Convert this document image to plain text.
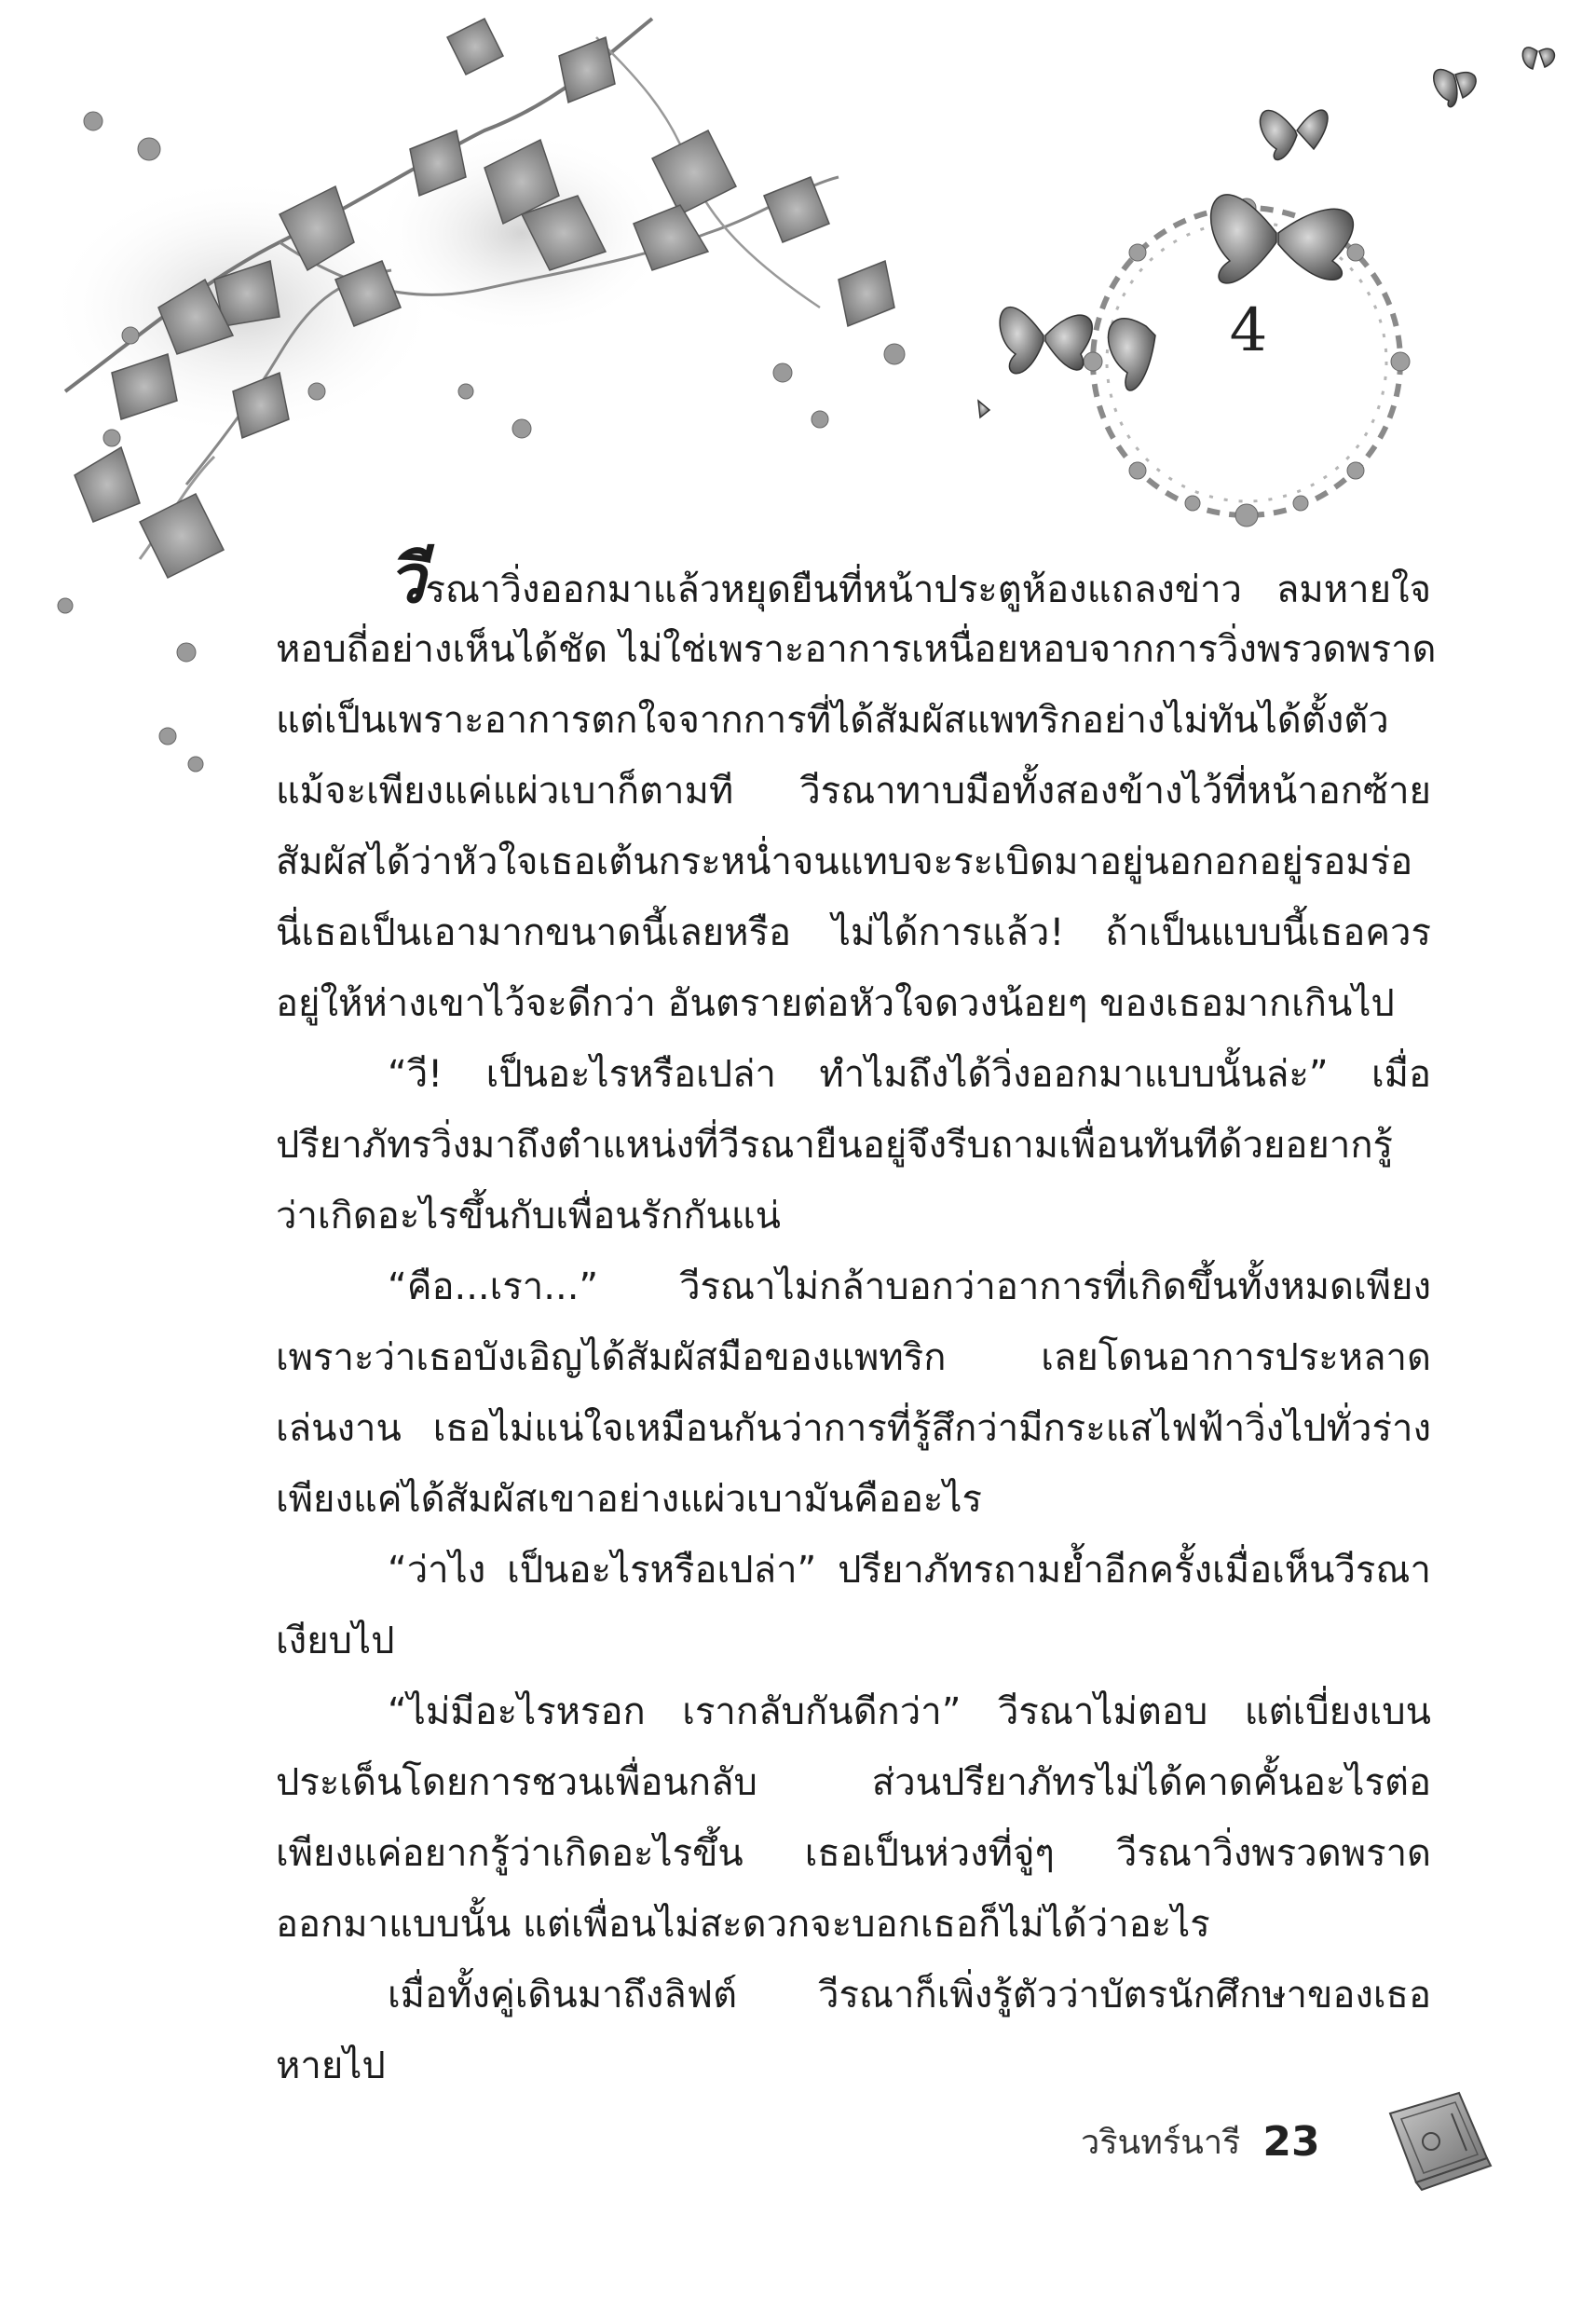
4
วีรณาวิ่งออกมาแล้วหยุดยืนที่หน้าประตูห้องแถลงข่าว ลมหายใจ
หอบถี่อย่างเห็นได้ชัด ไม่ใช่เพราะอาการเหนื่อยหอบจากการวิ่งพรวดพราด
แต่เป็นเพราะอาการตกใจจากการที่ได้สัมผัสแพทริกอย่างไม่ทันได้ตั้งตัว
แม้จะเพียงแค่แผ่วเบาก็ตามที วีรณาทาบมือทั้งสองข้างไว้ที่หน้าอกซ้าย
สัมผัสได้ว่าหัวใจเธอเต้นกระหน่ำจนแทบจะระเบิดมาอยู่นอกอกอยู่รอมร่อ
นี่เธอเป็นเอามากขนาดนี้เลยหรือ ไม่ได้การแล้ว! ถ้าเป็นแบบนี้เธอควร
อยู่ให้ห่างเขาไว้จะดีกว่า อันตรายต่อหัวใจดวงน้อยๆ ของเธอมากเกินไป
“วี! เป็นอะไรหรือเปล่า ทำไมถึงได้วิ่งออกมาแบบนั้นล่ะ” เมื่อ
ปรียาภัทรวิ่งมาถึงตำแหน่งที่วีรณายืนอยู่จึงรีบถามเพื่อนทันทีด้วยอยากรู้
ว่าเกิดอะไรขึ้นกับเพื่อนรักกันแน่
“คือ...เรา...” วีรณาไม่กล้าบอกว่าอาการที่เกิดขึ้นทั้งหมดเพียง
เพราะว่าเธอบังเอิญได้สัมผัสมือของแพทริก เลยโดนอาการประหลาด
เล่นงาน เธอไม่แน่ใจเหมือนกันว่าการที่รู้สึกว่ามีกระแสไฟฟ้าวิ่งไปทั่วร่าง
เพียงแค่ได้สัมผัสเขาอย่างแผ่วเบามันคืออะไร
“ว่าไง เป็นอะไรหรือเปล่า” ปรียาภัทรถามย้ำอีกครั้งเมื่อเห็นวีรณา
เงียบไป
“ไม่มีอะไรหรอก เรากลับกันดีกว่า” วีรณาไม่ตอบ แต่เบี่ยงเบน
ประเด็นโดยการชวนเพื่อนกลับ ส่วนปรียาภัทรไม่ได้คาดคั้นอะไรต่อ
เพียงแค่อยากรู้ว่าเกิดอะไรขึ้น เธอเป็นห่วงที่จู่ๆ วีรณาวิ่งพรวดพราด
ออกมาแบบนั้น แต่เพื่อนไม่สะดวกจะบอกเธอก็ไม่ได้ว่าอะไร
เมื่อทั้งคู่เดินมาถึงลิฟต์ วีรณาก็เพิ่งรู้ตัวว่าบัตรนักศึกษาของเธอ
หายไป
วรินทร์นารี 23
